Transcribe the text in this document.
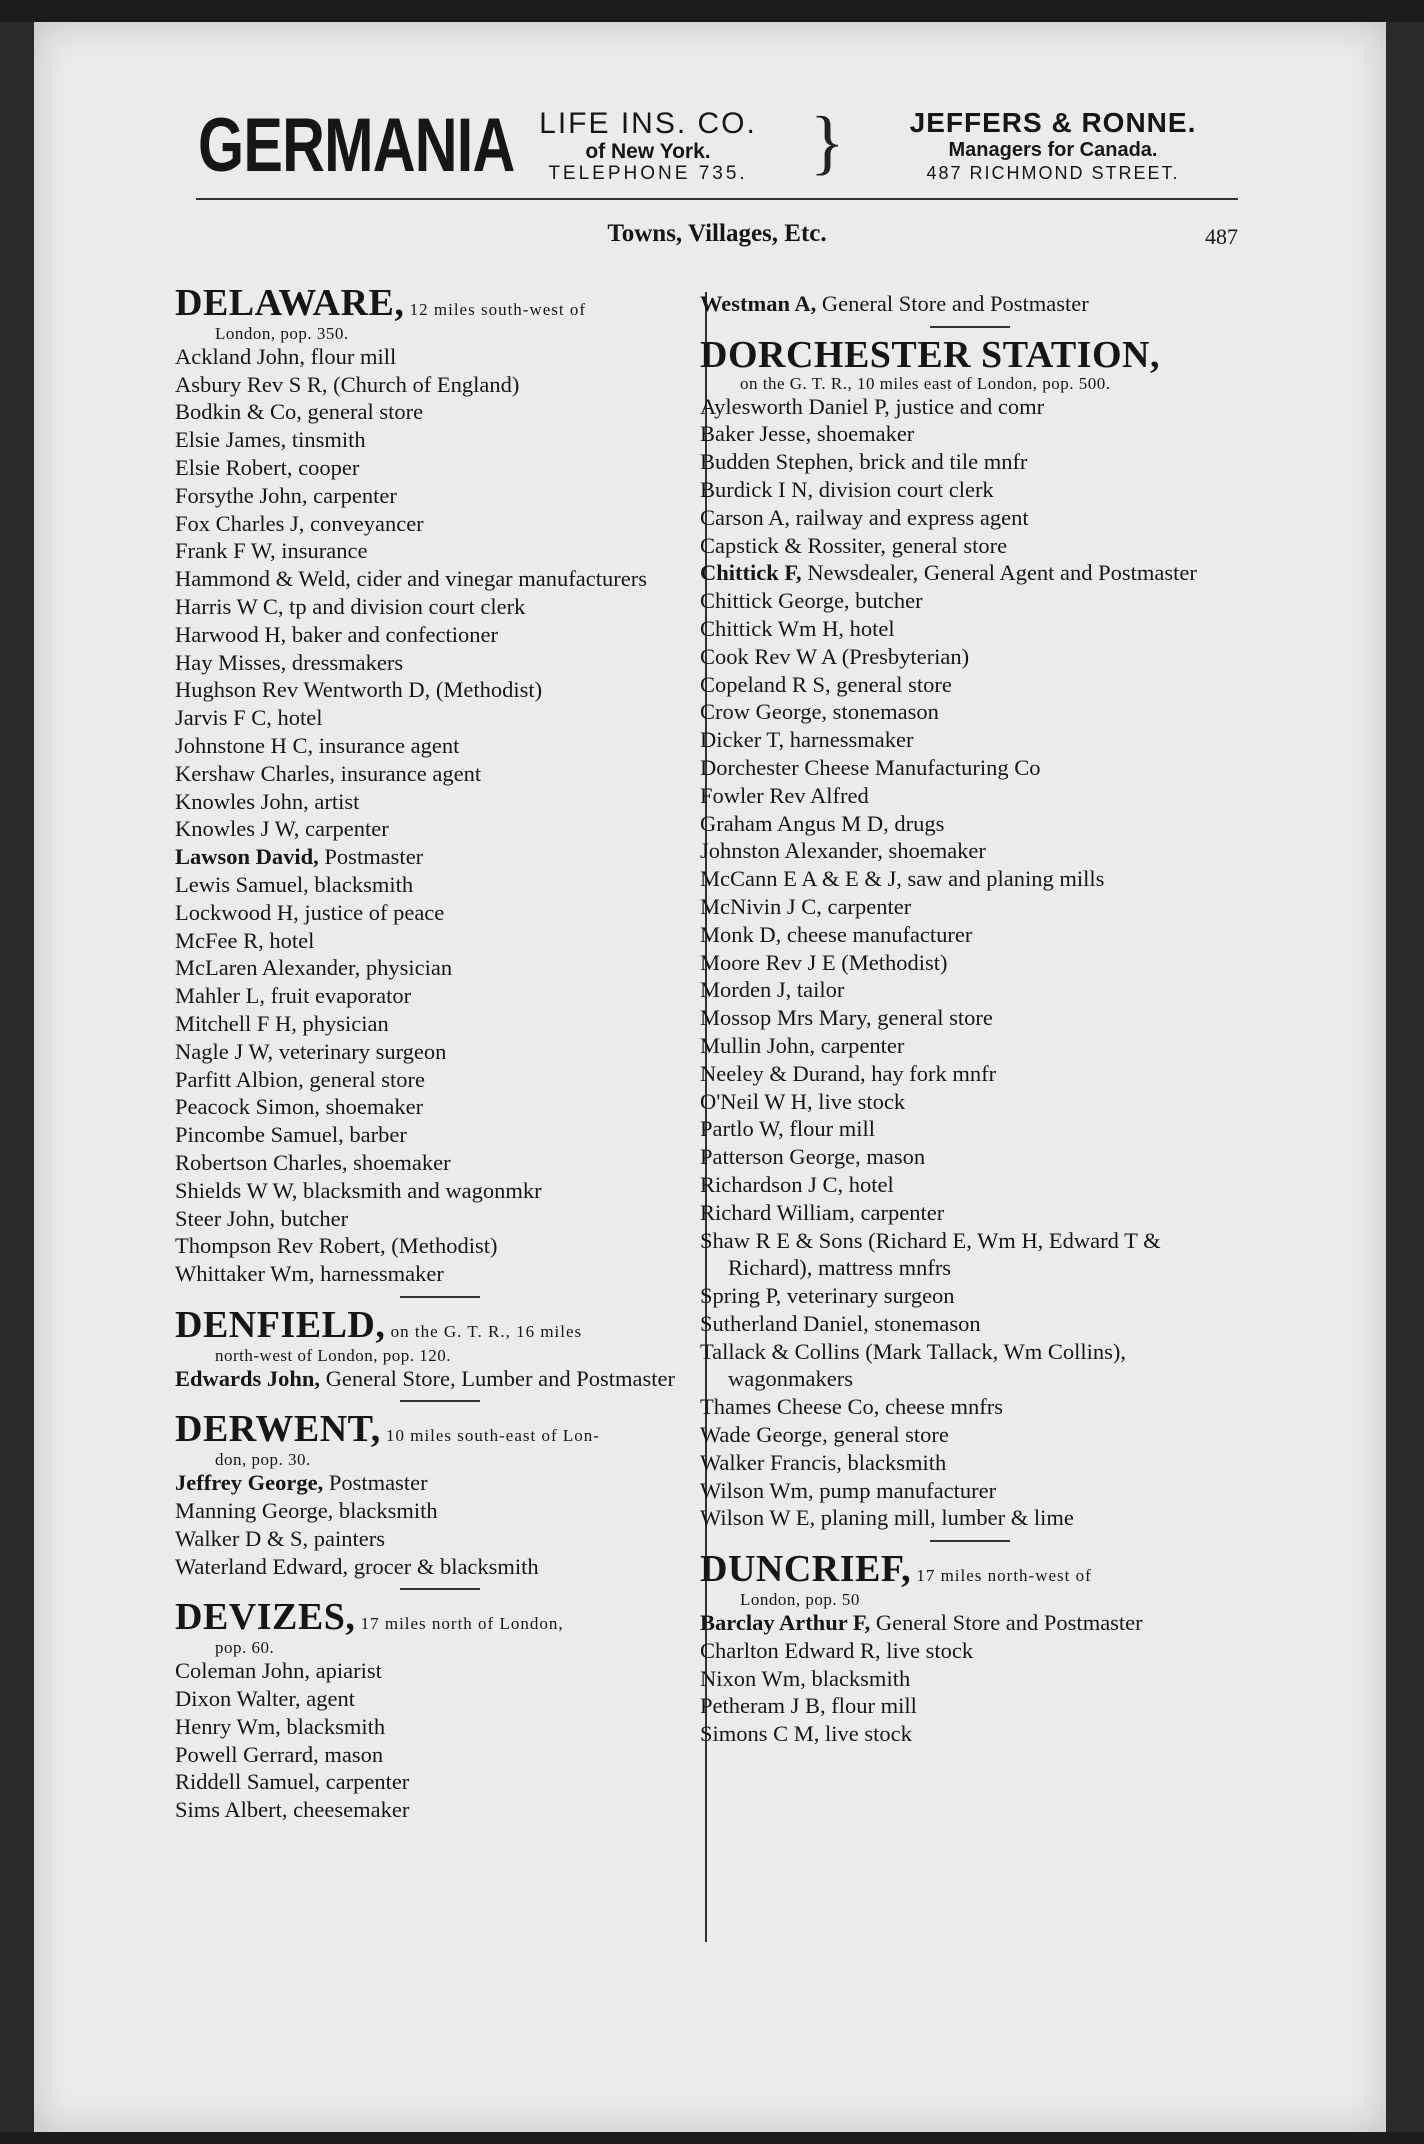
GERMANIA LIFE INS. CO.
of New York.
TELEPHONE 735. }	JEFFERS & RONNE.
Managers for Canada.
487 RICHMOND STREET.
Towns, Villages, Etc.	487
DELAWARE, 12 miles south-west of
London, pop. 350.
Ackland John, flour mill
Asbury Rev S R, (Church of England)
Bodkin & Co, general store
Elsie James, tinsmith
Elsie Robert, cooper
Forsythe John, carpenter
Fox Charles J, conveyancer
Frank F W, insurance
Hammond & Weld, cider and vinegar manufacturers
Harris W C, tp and division court clerk
Harwood H, baker and confectioner
Hay Misses, dressmakers
Hughson Rev Wentworth D, (Methodist)
Jarvis F C, hotel
Johnstone H C, insurance agent
Kershaw Charles, insurance agent
Knowles John, artist
Knowles J W, carpenter
Lawson David, Postmaster
Lewis Samuel, blacksmith
Lockwood H, justice of peace
McFee R, hotel
McLaren Alexander, physician
Mahler L, fruit evaporator
Mitchell F H, physician
Nagle J W, veterinary surgeon
Parfitt Albion, general store
Peacock Simon, shoemaker
Pincombe Samuel, barber
Robertson Charles, shoemaker
Shields W W, blacksmith and wagonmkr
Steer John, butcher
Thompson Rev Robert, (Methodist)
Whittaker Wm, harnessmaker
DENFIELD, on the G. T. R., 16 miles
north-west of London, pop. 120.
Edwards John, General Store, Lumber and Postmaster
DERWENT, 10 miles south-east of Lon-
don, pop. 30.
Jeffrey George, Postmaster
Manning George, blacksmith
Walker D & S, painters
Waterland Edward, grocer & blacksmith
DEVIZES, 17 miles north of London,
pop. 60.
Coleman John, apiarist
Dixon Walter, agent
Henry Wm, blacksmith
Powell Gerrard, mason
Riddell Samuel, carpenter
Sims Albert, cheesemaker
Westman A, General Store and Postmaster
DORCHESTER STATION,
on the G. T. R., 10 miles east of London, pop. 500.
Aylesworth Daniel P, justice and comr
Baker Jesse, shoemaker
Budden Stephen, brick and tile mnfr
Burdick I N, division court clerk
Carson A, railway and express agent
Capstick & Rossiter, general store
Chittick F, Newsdealer, General Agent and Postmaster
Chittick George, butcher
Chittick Wm H, hotel
Cook Rev W A (Presbyterian)
Copeland R S, general store
Crow George, stonemason
Dicker T, harnessmaker
Dorchester Cheese Manufacturing Co
Fowler Rev Alfred
Graham Angus M D, drugs
Johnston Alexander, shoemaker
McCann E A & E & J, saw and planing mills
McNivin J C, carpenter
Monk D, cheese manufacturer
Moore Rev J E (Methodist)
Morden J, tailor
Mossop Mrs Mary, general store
Mullin John, carpenter
Neeley & Durand, hay fork mnfr
O'Neil W H, live stock
Partlo W, flour mill
Patterson George, mason
Richardson J C, hotel
Richard William, carpenter
Shaw R E & Sons (Richard E, Wm H, Edward T & Richard), mattress mnfrs
Spring P, veterinary surgeon
Sutherland Daniel, stonemason
Tallack & Collins (Mark Tallack, Wm Collins), wagonmakers
Thames Cheese Co, cheese mnfrs
Wade George, general store
Walker Francis, blacksmith
Wilson Wm, pump manufacturer
Wilson W E, planing mill, lumber & lime
DUNCRIEF, 17 miles north-west of
London, pop. 50
Barclay Arthur F, General Store and Postmaster
Charlton Edward R, live stock
Nixon Wm, blacksmith
Petheram J B, flour mill
Simons C M, live stock
